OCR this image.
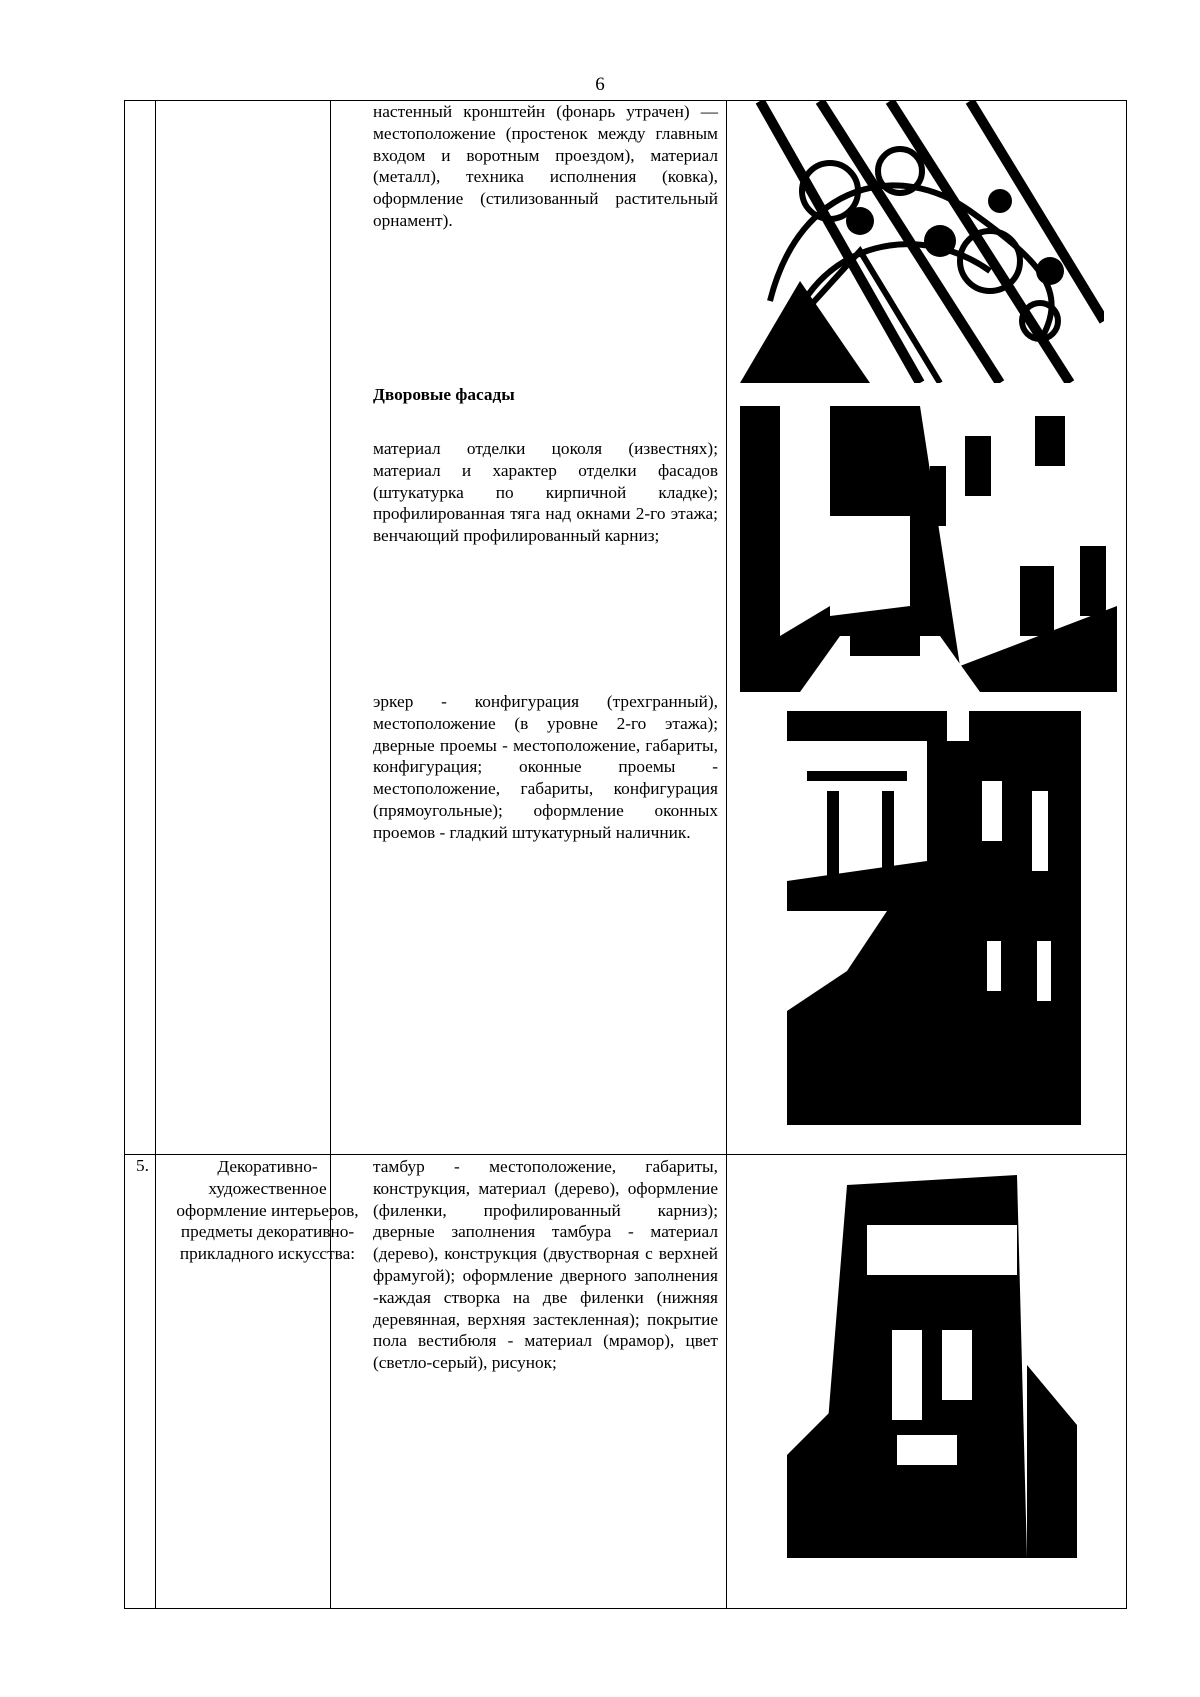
6

настенный кронштейн (фонарь утрачен) — местоположение (простенок между главным входом и воротным проездом), материал (металл), техника исполнения (ковка), оформление (стилизованный растительный орнамент).

Дворовые фасады

материал отделки цоколя (известнях); материал и характер отделки фасадов (штукатурка по кирпичной кладке); профилированная тяга над окнами 2-го этажа; венчающий профилированный карниз;

эркер - конфигурация (трехгранный), местоположение (в уровне 2-го этажа); дверные проемы - местоположение, габариты, конфигурация; оконные проемы - местоположение, габариты, конфигурация (прямоугольные); оформление оконных проемов - гладкий штукатурный наличник.

5.	Декоративно-художественное оформление интерьеров, предметы декоративно-прикладного искусства:

тамбур - местоположение, габариты, конструкция, материал (дерево), оформление (филенки, профилированный карниз); дверные заполнения тамбура - материал (дерево), конструкция (двустворная с верхней фрамугой); оформление дверного заполнения -каждая створка на две филенки (нижняя деревянная, верхняя застекленная); покрытие пола вестибюля - материал (мрамор), цвет (светло-серый), рисунок;
